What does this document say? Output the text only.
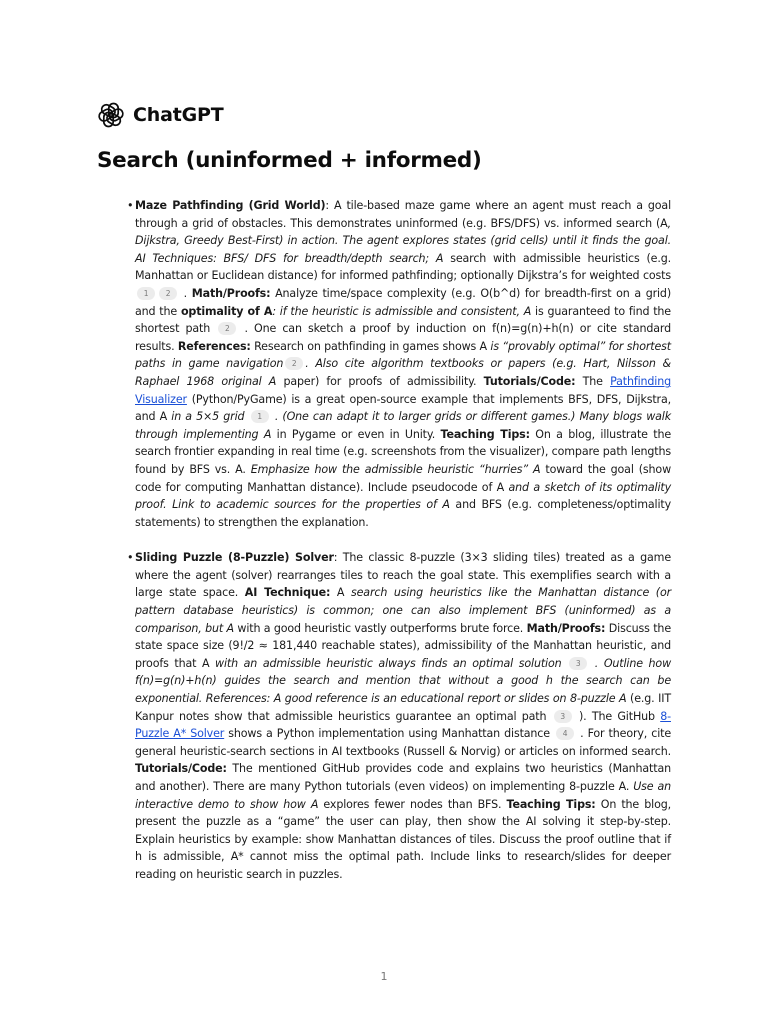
ChatGPT
Search (uninformed + informed)
• Maze Pathfinding (Grid World): A tile-based maze game where an agent must reach a goal through a grid of obstacles. This demonstrates uninformed (e.g. BFS/DFS) vs. informed search (A, Dijkstra, Greedy Best-First) in action. The agent explores states (grid cells) until it finds the goal. AI Techniques: BFS/ DFS for breadth/depth search; A search with admissible heuristics (e.g. Manhattan or Euclidean distance) for informed pathfinding; optionally Dijkstra’s for weighted costs 1 2 . Math/Proofs: Analyze time/space complexity (e.g. O(b^d) for breadth-first on a grid) and the optimality of A: if the heuristic is admissible and consistent, A is guaranteed to find the shortest path 2 . One can sketch a proof by induction on f(n)=g(n)+h(n) or cite standard results. References: Research on pathfinding in games shows A is “provably optimal” for shortest paths in game navigation 2 . Also cite algorithm textbooks or papers (e.g. Hart, Nilsson & Raphael 1968 original A paper) for proofs of admissibility. Tutorials/Code: The Pathfinding Visualizer (Python/PyGame) is a great open-source example that implements BFS, DFS, Dijkstra, and A in a 5×5 grid 1 . (One can adapt it to larger grids or different games.) Many blogs walk through implementing A in Pygame or even in Unity. Teaching Tips: On a blog, illustrate the search frontier expanding in real time (e.g. screenshots from the visualizer), compare path lengths found by BFS vs. A. Emphasize how the admissible heuristic “hurries” A toward the goal (show code for computing Manhattan distance). Include pseudocode of A and a sketch of its optimality proof. Link to academic sources for the properties of A and BFS (e.g. completeness/optimality statements) to strengthen the explanation.
• Sliding Puzzle (8-Puzzle) Solver: The classic 8-puzzle (3×3 sliding tiles) treated as a game where the agent (solver) rearranges tiles to reach the goal state. This exemplifies search with a large state space. AI Technique: A search using heuristics like the Manhattan distance (or pattern database heuristics) is common; one can also implement BFS (uninformed) as a comparison, but A with a good heuristic vastly outperforms brute force. Math/Proofs: Discuss the state space size (9!/2 ≈ 181,440 reachable states), admissibility of the Manhattan heuristic, and proofs that A with an admissible heuristic always finds an optimal solution 3 . Outline how f(n)=g(n)+h(n) guides the search and mention that without a good h the search can be exponential. References: A good reference is an educational report or slides on 8-puzzle A (e.g. IIT Kanpur notes show that admissible heuristics guarantee an optimal path 3 ). The GitHub 8-Puzzle A* Solver shows a Python implementation using Manhattan distance 4 . For theory, cite general heuristic-search sections in AI textbooks (Russell & Norvig) or articles on informed search. Tutorials/Code: The mentioned GitHub provides code and explains two heuristics (Manhattan and another). There are many Python tutorials (even videos) on implementing 8-puzzle A. Use an interactive demo to show how A explores fewer nodes than BFS. Teaching Tips: On the blog, present the puzzle as a “game” the user can play, then show the AI solving it step-by-step. Explain heuristics by example: show Manhattan distances of tiles. Discuss the proof outline that if h is admissible, A* cannot miss the optimal path. Include links to research/slides for deeper reading on heuristic search in puzzles.
1
